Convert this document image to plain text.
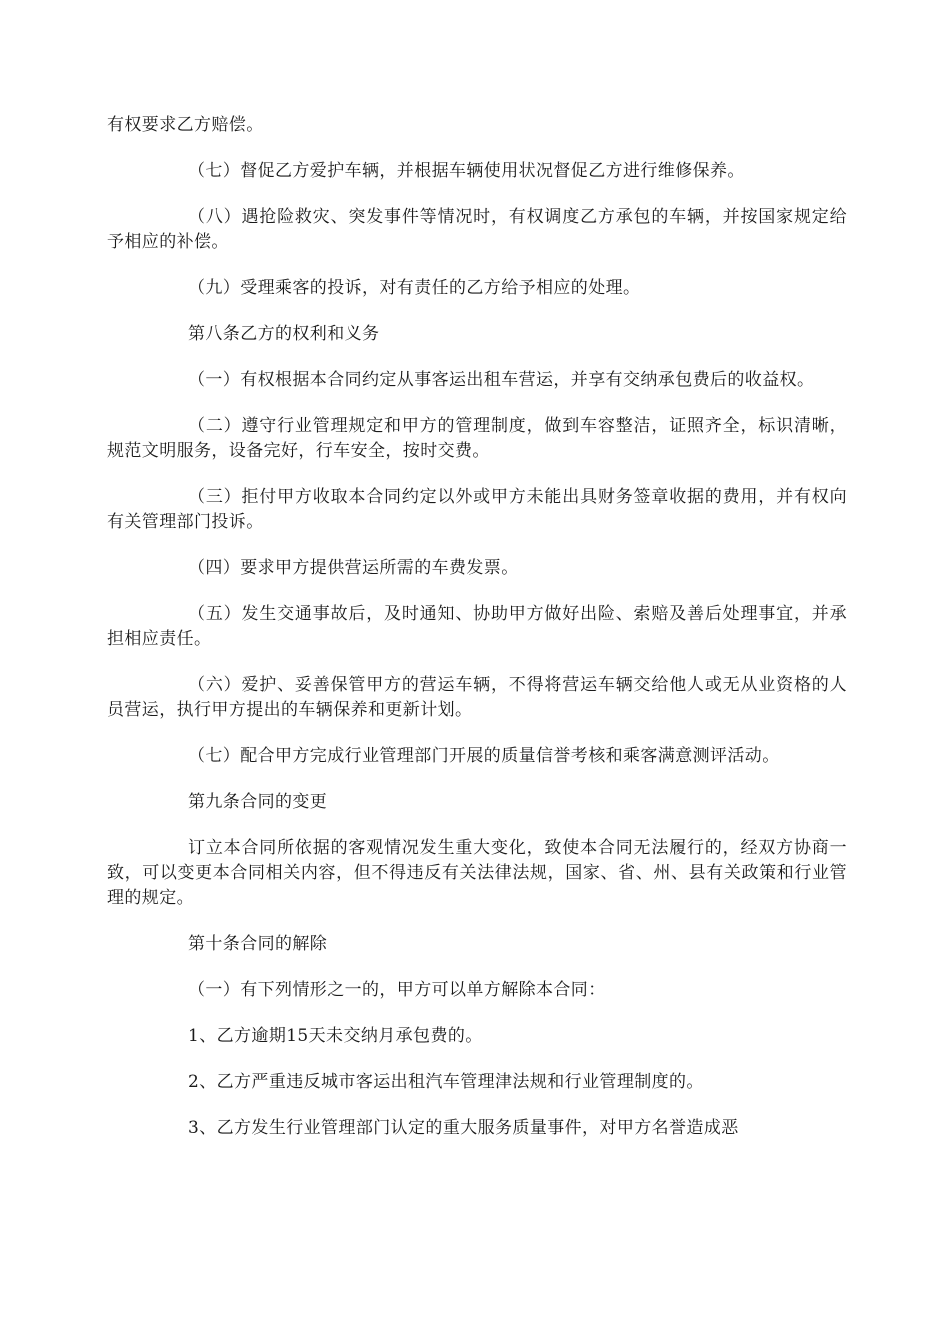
有权要求乙方赔偿。

（七）督促乙方爱护车辆，并根据车辆使用状况督促乙方进行维修保养。

（八）遇抢险救灾、突发事件等情况时，有权调度乙方承包的车辆，并按国家规定给予相应的补偿。

（九）受理乘客的投诉，对有责任的乙方给予相应的处理。

第八条乙方的权利和义务

（一）有权根据本合同约定从事客运出租车营运，并享有交纳承包费后的收益权。

（二）遵守行业管理规定和甲方的管理制度，做到车容整洁，证照齐全，标识清晰，规范文明服务，设备完好，行车安全，按时交费。

（三）拒付甲方收取本合同约定以外或甲方未能出具财务签章收据的费用，并有权向有关管理部门投诉。

（四）要求甲方提供营运所需的车费发票。

（五）发生交通事故后，及时通知、协助甲方做好出险、索赔及善后处理事宜，并承担相应责任。

（六）爱护、妥善保管甲方的营运车辆，不得将营运车辆交给他人或无从业资格的人员营运，执行甲方提出的车辆保养和更新计划。

（七）配合甲方完成行业管理部门开展的质量信誉考核和乘客满意测评活动。

第九条合同的变更

订立本合同所依据的客观情况发生重大变化，致使本合同无法履行的，经双方协商一致，可以变更本合同相关内容，但不得违反有关法律法规，国家、省、州、县有关政策和行业管理的规定。

第十条合同的解除

（一）有下列情形之一的，甲方可以单方解除本合同：

1、乙方逾期15天未交纳月承包费的。

2、乙方严重违反城市客运出租汽车管理津法规和行业管理制度的。

3、乙方发生行业管理部门认定的重大服务质量事件，对甲方名誉造成恶
